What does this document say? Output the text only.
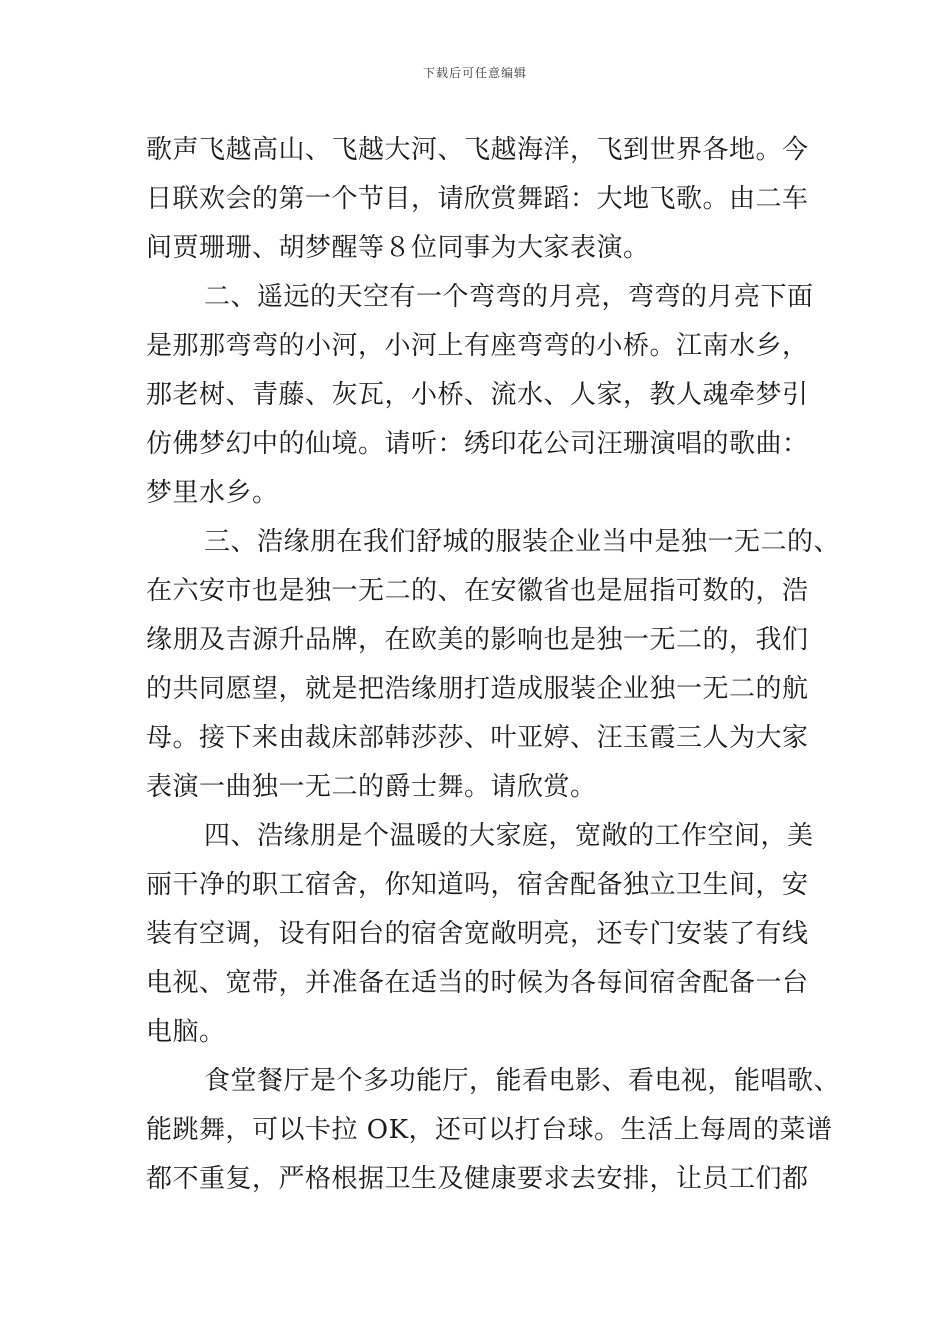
下载后可任意编辑
歌声飞越高山、飞越大河、飞越海洋，飞到世界各地。今
日联欢会的第一个节目，请欣赏舞蹈：大地飞歌。由二车
间贾珊珊、胡梦醒等８位同事为大家表演。
二、遥远的天空有一个弯弯的月亮，弯弯的月亮下面
是那那弯弯的小河，小河上有座弯弯的小桥。江南水乡，
那老树、青藤、灰瓦，小桥、流水、人家，教人魂牵梦引
仿佛梦幻中的仙境。请听：绣印花公司汪珊演唱的歌曲：
梦里水乡。
三、浩缘朋在我们舒城的服装企业当中是独一无二的、
在六安市也是独一无二的、在安徽省也是屈指可数的，浩
缘朋及吉源升品牌，在欧美的影响也是独一无二的，我们
的共同愿望，就是把浩缘朋打造成服装企业独一无二的航
母。接下来由裁床部韩莎莎、叶亚婷、汪玉霞三人为大家
表演一曲独一无二的爵士舞。请欣赏。
四、浩缘朋是个温暖的大家庭，宽敞的工作空间，美
丽干净的职工宿舍，你知道吗，宿舍配备独立卫生间，安
装有空调，设有阳台的宿舍宽敞明亮，还专门安装了有线
电视、宽带，并准备在适当的时候为各每间宿舍配备一台
电脑。
食堂餐厅是个多功能厅，能看电影、看电视，能唱歌、
能跳舞，可以卡拉 OK，还可以打台球。生活上每周的菜谱
都不重复，严格根据卫生及健康要求去安排，让员工们都
